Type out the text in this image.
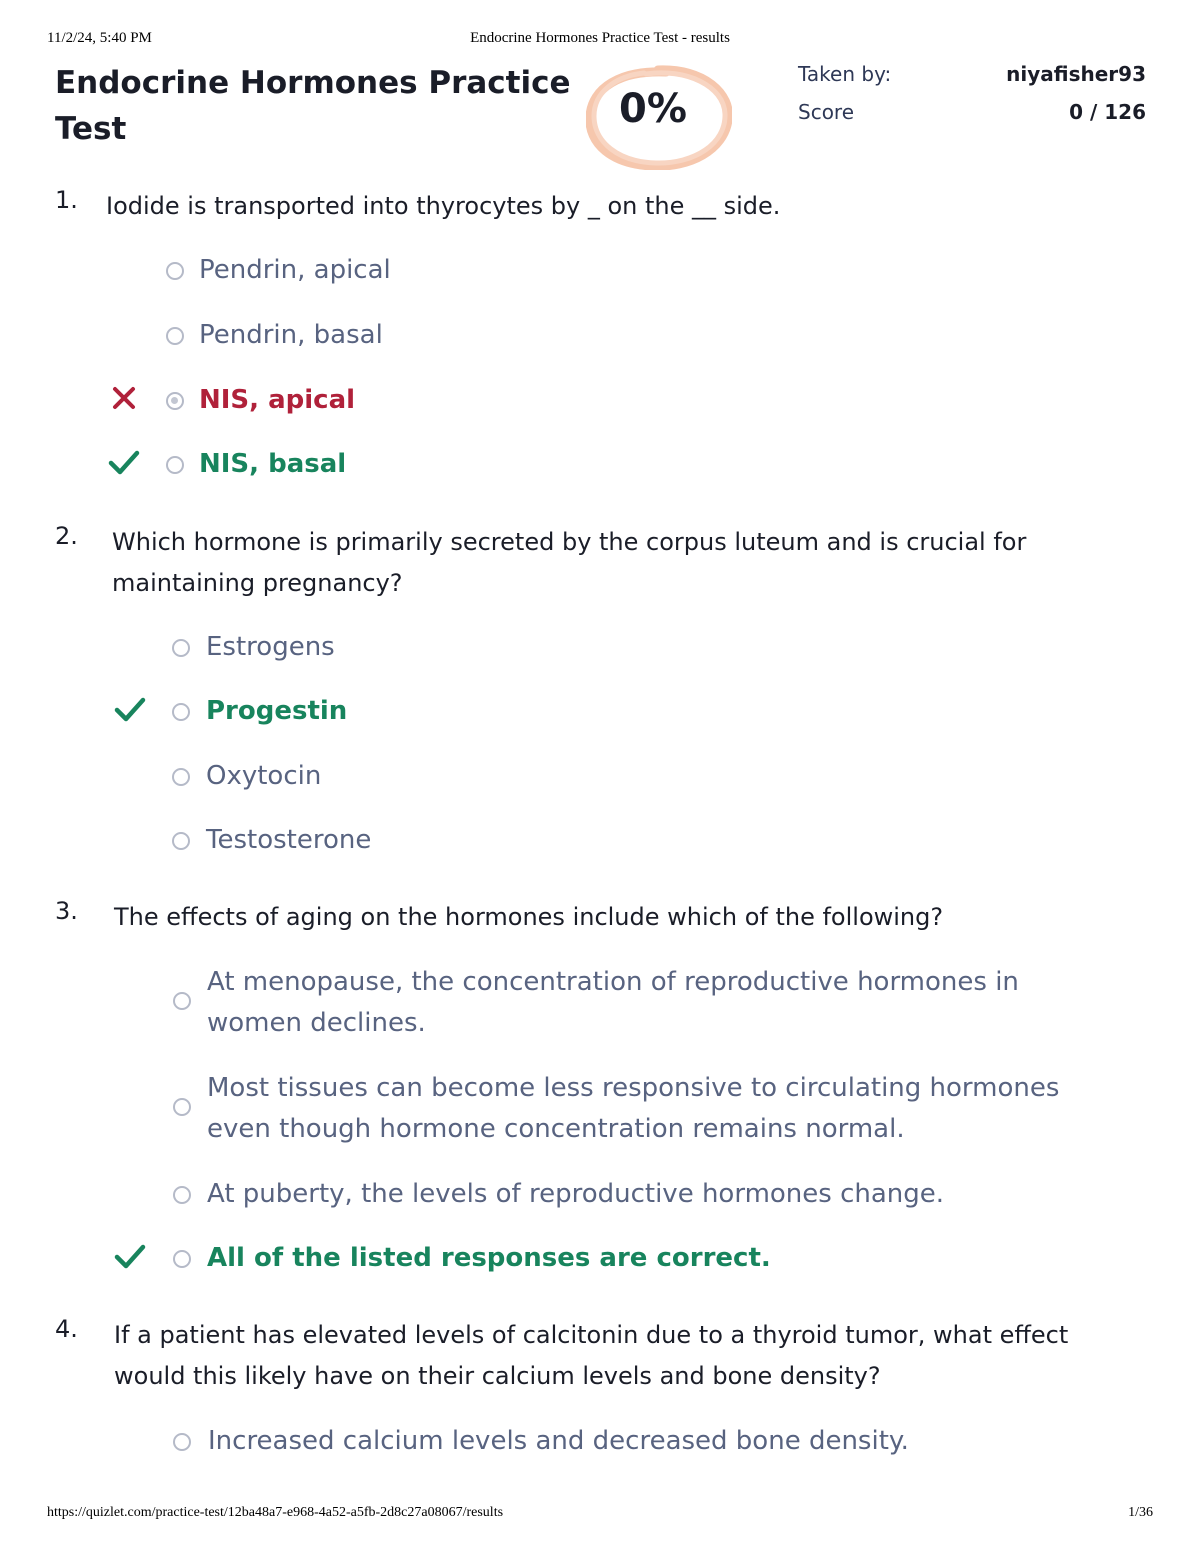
11/2/24, 5:40 PM	Endocrine Hormones Practice Test - results
Endocrine Hormones Practice Test	0%
Taken by:	niyafisher93
Score	0 / 126
1. Iodide is transported into thyrocytes by _ on the __ side.

Pendrin, apical
Pendrin, basal
NIS, apical
NIS, basal
2. Which hormone is primarily secreted by the corpus luteum and is crucial for maintaining pregnancy?

Estrogens
Progestin
Oxytocin
Testosterone
3. The effects of aging on the hormones include which of the following?

At menopause, the concentration of reproductive hormones in women declines.
Most tissues can become less responsive to circulating hormones even though hormone concentration remains normal.
At puberty, the levels of reproductive hormones change.
All of the listed responses are correct.
4. If a patient has elevated levels of calcitonin due to a thyroid tumor, what effect would this likely have on their calcium levels and bone density?

Increased calcium levels and decreased bone density.
https://quizlet.com/practice-test/12ba48a7-e968-4a52-a5fb-2d8c27a08067/results	1/36
